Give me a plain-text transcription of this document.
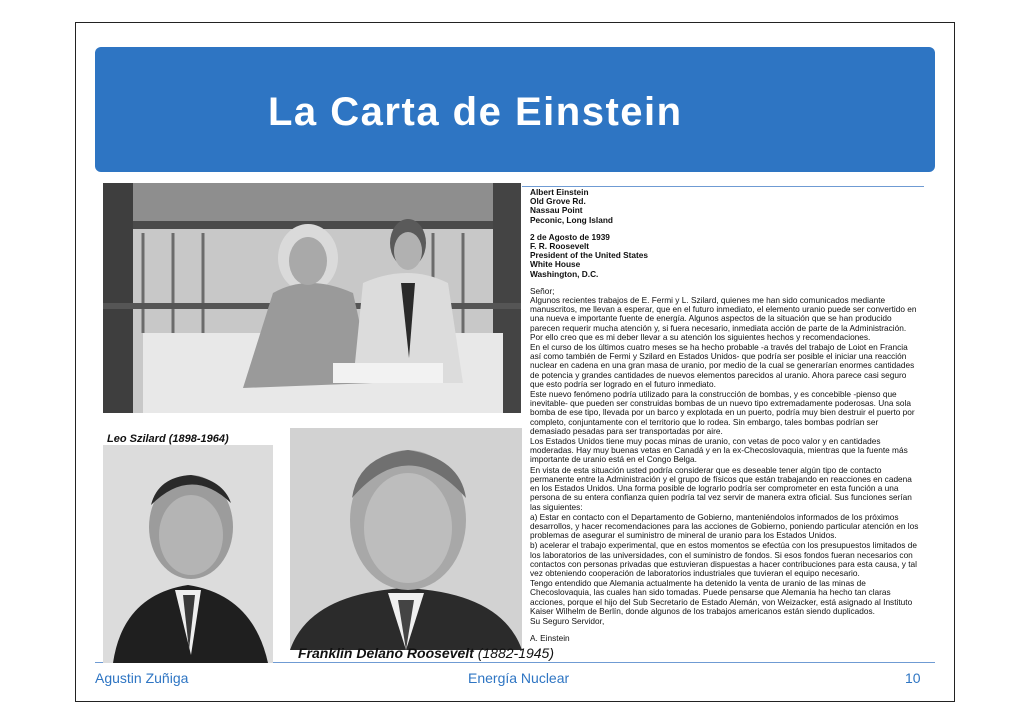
La Carta de Einstein
Leo Szilard (1898-1964)
Franklin Delano Roosevelt (1882-1945)
Albert Einstein
Old Grove Rd.
Nassau Point
Peconic, Long Island
2 de Agosto de 1939
F. R. Roosevelt
President of the United States
White House
Washington, D.C.
Señor;

Algunos recientes trabajos de E. Fermi y L. Szilard, quienes me han sido comunicados mediante manuscritos, me llevan a esperar, que en el futuro inmediato, el elemento uranio puede ser convertido en una nueva e importante fuente de energía. Algunos aspectos de la situación que se han producido parecen requerir mucha atención y, si fuera necesario, inmediata acción de parte de la Administración. Por ello creo que es mi deber llevar a su atención los siguientes hechos y recomendaciones.

En el curso de los últimos cuatro meses se ha hecho probable -a través del trabajo de Loiot en Francia así como también de Fermi y Szilard en Estados Unidos- que podría ser posible el iniciar una reacción nuclear en cadena en una gran masa de uranio, por medio de la cual se generarían enormes cantidades de potencia y grandes cantidades de nuevos elementos parecidos al uranio. Ahora parece casi seguro que esto podría ser logrado en el futuro inmediato.

Este nuevo fenómeno podría utilizado para la construcción de bombas, y es concebible -pienso que inevitable- que pueden ser construidas bombas de un nuevo tipo extremadamente poderosas. Una sola bomba de ese tipo, llevada por un barco y explotada en un puerto, podría muy bien destruir el puerto por completo, conjuntamente con el territorio que lo rodea. Sin embargo, tales bombas podrían ser demasiado pesadas para ser transportadas por aire.

Los Estados Unidos tiene muy pocas minas de uranio, con vetas de poco valor y en cantidades moderadas. Hay muy buenas vetas en Canadá y en la ex-Checoslovaquia, mientras que la fuente más importante de uranio está en el Congo Belga.

En vista de esta situación usted podría considerar que es deseable tener algún tipo de contacto permanente entre la Administración y el grupo de físicos que están trabajando en reacciones en cadena en los Estados Unidos. Una forma posible de lograrlo podría ser comprometer en esta función a una persona de su entera confianza quien podría tal vez servir de manera extra oficial. Sus funciones serían las siguientes:

a) Estar en contacto con el Departamento de Gobierno, manteniéndolos informados de los próximos desarrollos, y hacer recomendaciones para las acciones de Gobierno, poniendo particular atención en los problemas de asegurar el suministro de mineral de uranio para los Estados Unidos.

b) acelerar el trabajo experimental, que en estos momentos se efectúa con los presupuestos limitados de los laboratorios de las universidades, con el suministro de fondos. Si esos fondos fueran necesarios con contactos con personas privadas que estuvieran dispuestas a hacer contribuciones para esta causa, y tal vez obteniendo cooperación de laboratorios industriales que tuvieran el equipo necesario.

Tengo entendido que Alemania actualmente ha detenido la venta de uranio de las minas de Checoslovaquia, las cuales han sido tomadas. Puede pensarse que Alemania ha hecho tan claras acciones, porque el hijo del Sub Secretario de Estado Alemán, von Weizacker, está asignado al Instituto Kaiser Wilhelm de Berlín, donde algunos de los trabajos americanos están siendo duplicados.

Su Seguro Servidor,

A. Einstein

Agustin Zuñiga	Energía Nuclear	10
